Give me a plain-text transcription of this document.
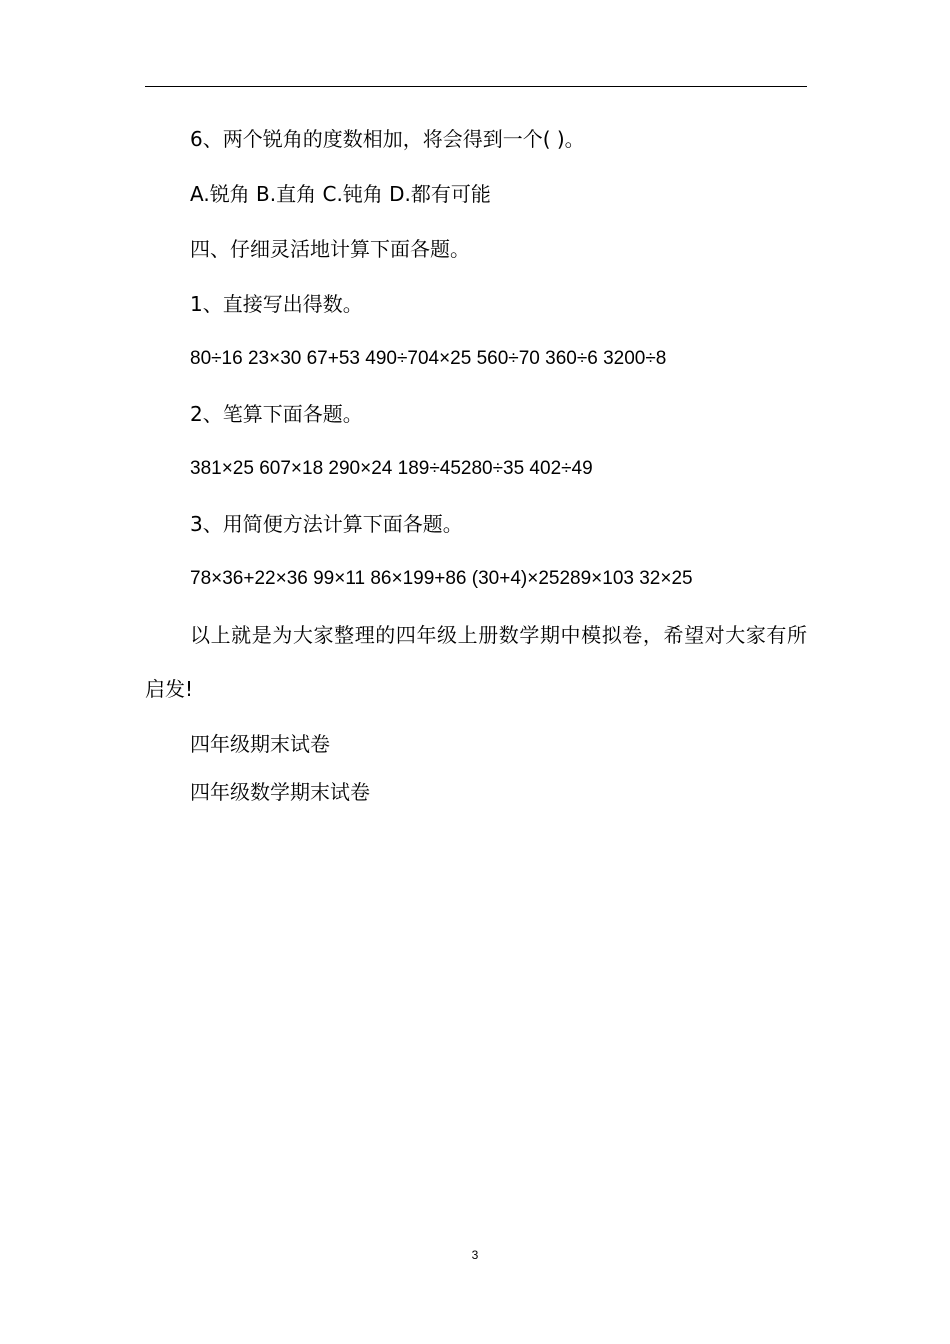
6、两个锐角的度数相加，将会得到一个( )。
A.锐角 B.直角 C.钝角 D.都有可能
四、仔细灵活地计算下面各题。
1、直接写出得数。
80÷16 23×30 67+53 490÷704×25 560÷70 360÷6 3200÷8
2、笔算下面各题。
381×25 607×18 290×24 189÷45280÷35 402÷49
3、用简便方法计算下面各题。
78×36+22×36 99×11 86×199+86 (30+4)×25289×103 32×25
以上就是为大家整理的四年级上册数学期中模拟卷，希望对大家有所启发!
四年级期末试卷
四年级数学期末试卷
3
